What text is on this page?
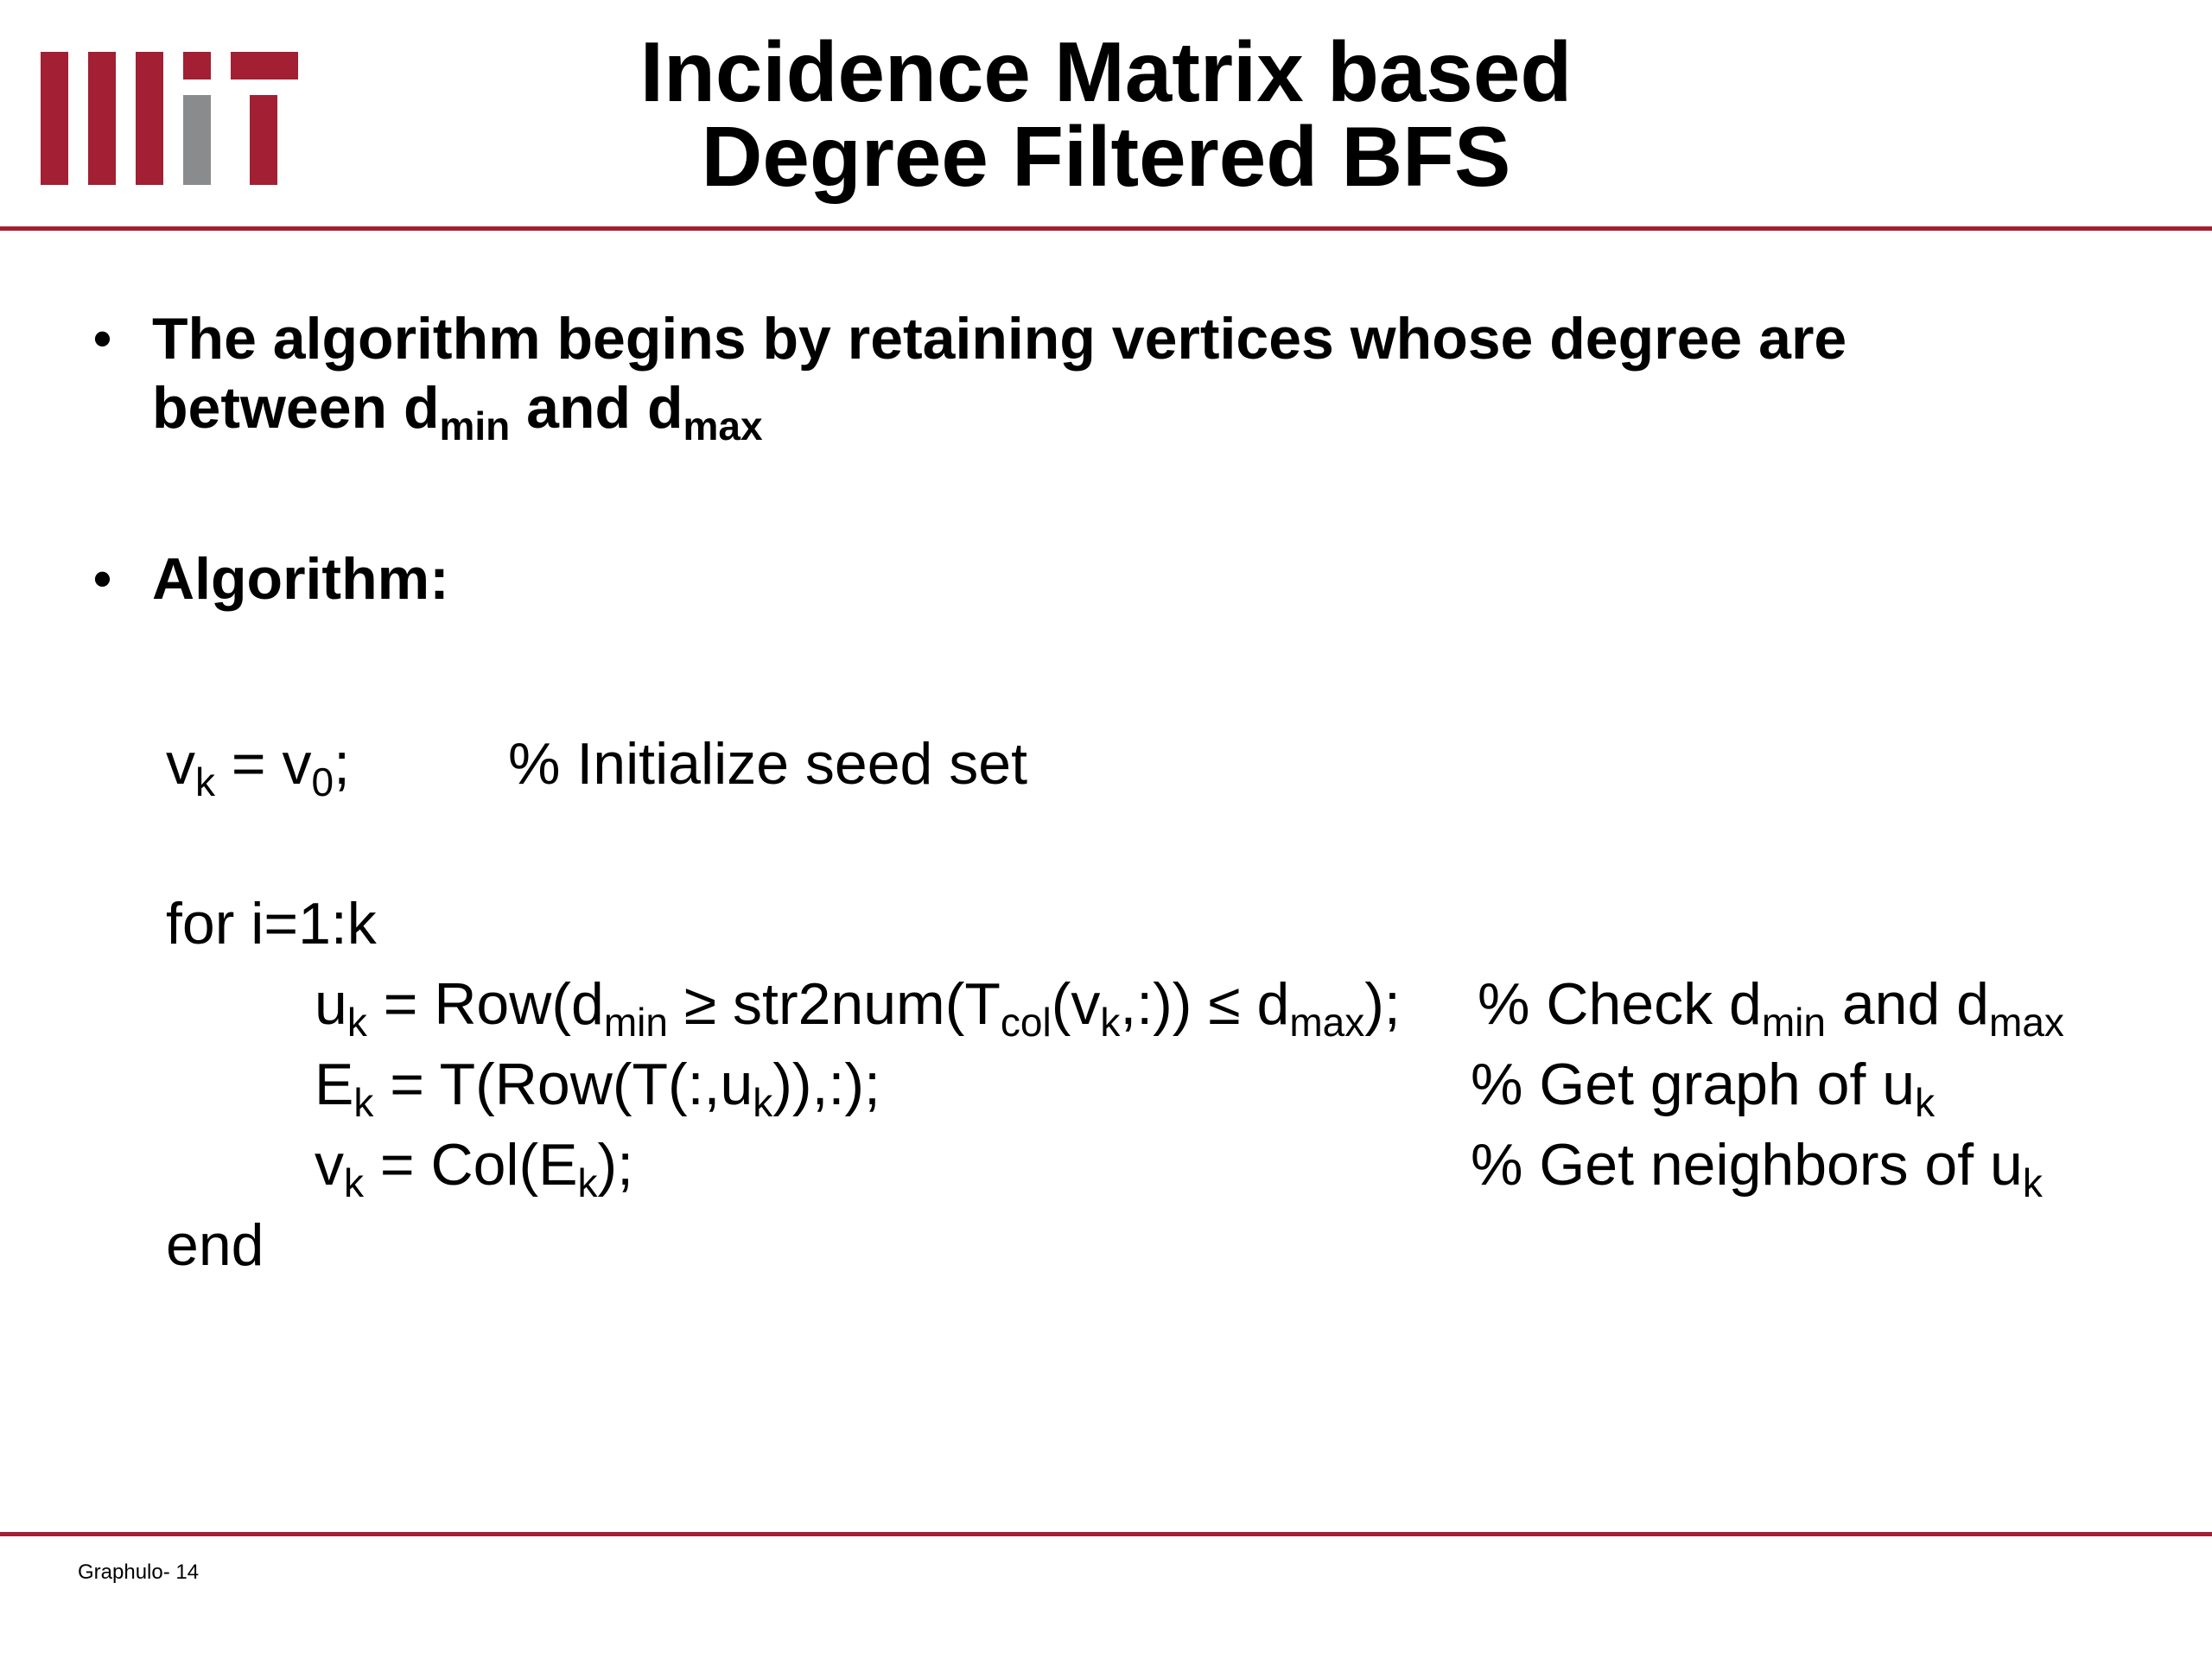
Incidence Matrix based
Degree Filtered BFS
• The algorithm begins by retaining vertices whose degree are
between $d_{min}$ and $d_{max}$
• Algorithm:
$v_k = v_0$;	% Initialize seed set
for i=1:k
$u_k = Row(d_{min}$ ≥ $str2num(T_{col}(v_k,:)) \le d_{max}$); % Check $d_{min}$ and $d_{max}$
$E_k$ = $T(Row(T(:,u_k)),:)$;	% Get graph of $u_k$
$v_k = Col(E_k)$;	% Get neighbors of $u_k$
end
Graphulo- 14
